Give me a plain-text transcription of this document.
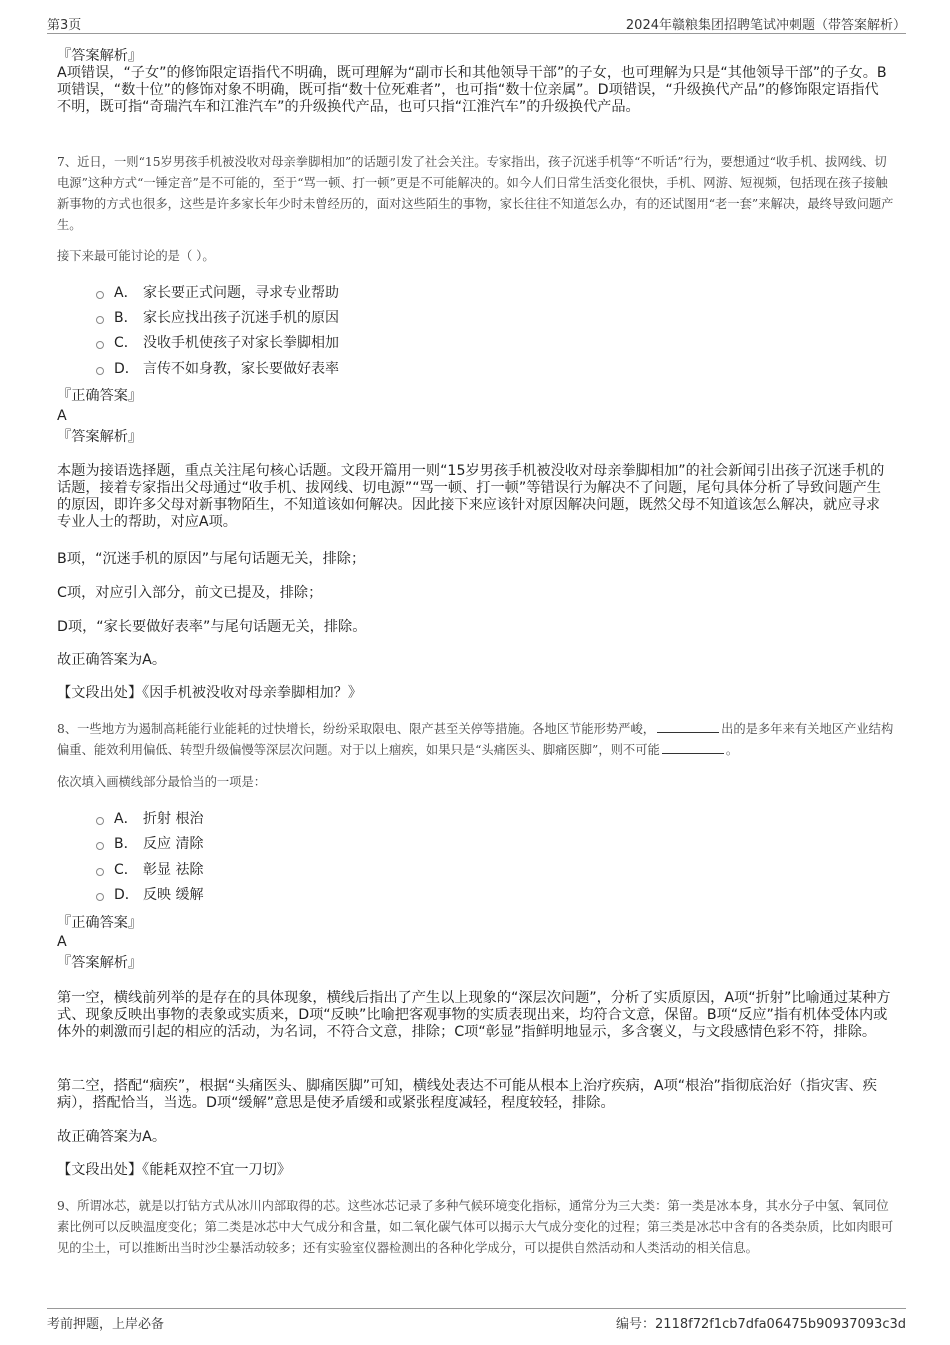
第3页	2024年赣粮集团招聘笔试冲刺题（带答案解析）
『答案解析』
A项错误，“子女”的修饰限定语指代不明确，既可理解为“副市长和其他领导干部”的子女，也可理解为只是“其他领导干部”的子女。B项错误，“数十位”的修饰对象不明确，既可指“数十位死难者”，也可指“数十位亲属”。D项错误，“升级换代产品”的修饰限定语指代不明，既可指“奇瑞汽车和江淮汽车”的升级换代产品，也可只指“江淮汽车”的升级换代产品。
7、近日，一则“15岁男孩手机被没收对母亲拳脚相加”的话题引发了社会关注。专家指出，孩子沉迷手机等“不听话”行为，要想通过“收手机、拔网线、切电源”这种方式“一锤定音”是不可能的，至于“骂一顿、打一顿”更是不可能解决的。如今人们日常生活变化很快，手机、网游、短视频，包括现在孩子接触新事物的方式也很多，这些是许多家长年少时未曾经历的，面对这些陌生的事物，家长往往不知道怎么办，有的还试图用“老一套”来解决，最终导致问题产生。
接下来最可能讨论的是（ ）。
A． 家长要正式问题，寻求专业帮助
B． 家长应找出孩子沉迷手机的原因
C． 没收手机使孩子对家长拳脚相加
D． 言传不如身教，家长要做好表率
『正确答案』
A
『答案解析』
本题为接语选择题，重点关注尾句核心话题。文段开篇用一则“15岁男孩手机被没收对母亲拳脚相加”的社会新闻引出孩子沉迷手机的话题，接着专家指出父母通过“收手机、拔网线、切电源”“骂一顿、打一顿”等错误行为解决不了问题，尾句具体分析了导致问题产生的原因，即许多父母对新事物陌生，不知道该如何解决。因此接下来应该针对原因解决问题，既然父母不知道该怎么解决，就应寻求专业人士的帮助，对应A项。
B项，“沉迷手机的原因”与尾句话题无关，排除；
C项，对应引入部分，前文已提及，排除；
D项，“家长要做好表率”与尾句话题无关，排除。
故正确答案为A。
【文段出处】《因手机被没收对母亲拳脚相加？》
8、一些地方为遏制高耗能行业能耗的过快增长，纷纷采取限电、限产甚至关停等措施。各地区节能形势严峻，	出的是多年来有关地区产业结构偏重、能效利用偏低、转型升级偏慢等深层次问题。对于以上痼疾，如果只是“头痛医头、脚痛医脚”，则不可能	。
依次填入画横线部分最恰当的一项是：
A． 折射 根治
B． 反应 清除
C． 彰显 祛除
D． 反映 缓解
『正确答案』
A
『答案解析』
第一空，横线前列举的是存在的具体现象，横线后指出了产生以上现象的“深层次问题”，分析了实质原因，A项“折射”比喻通过某种方式、现象反映出事物的表象或实质来，D项“反映”比喻把客观事物的实质表现出来，均符合文意，保留。B项“反应”指有机体受体内或体外的刺激而引起的相应的活动，为名词，不符合文意，排除；C项“彰显”指鲜明地显示，多含褒义，与文段感情色彩不符，排除。
第二空，搭配“痼疾”，根据“头痛医头、脚痛医脚”可知，横线处表达不可能从根本上治疗疾病，A项“根治”指彻底治好（指灾害、疾病），搭配恰当，当选。D项“缓解”意思是使矛盾缓和或紧张程度减轻，程度较轻，排除。
故正确答案为A。
【文段出处】《能耗双控不宜一刀切》
9、所谓冰芯，就是以打钻方式从冰川内部取得的芯。这些冰芯记录了多种气候环境变化指标，通常分为三大类：第一类是冰本身，其水分子中氢、氧同位素比例可以反映温度变化；第二类是冰芯中大气成分和含量，如二氧化碳气体可以揭示大气成分变化的过程；第三类是冰芯中含有的各类杂质，比如肉眼可见的尘土，可以推断出当时沙尘暴活动较多；还有实验室仪器检测出的各种化学成分，可以提供自然活动和人类活动的相关信息。
考前押题，上岸必备	编号：2118f72f1cb7dfa06475b90937093c3d
